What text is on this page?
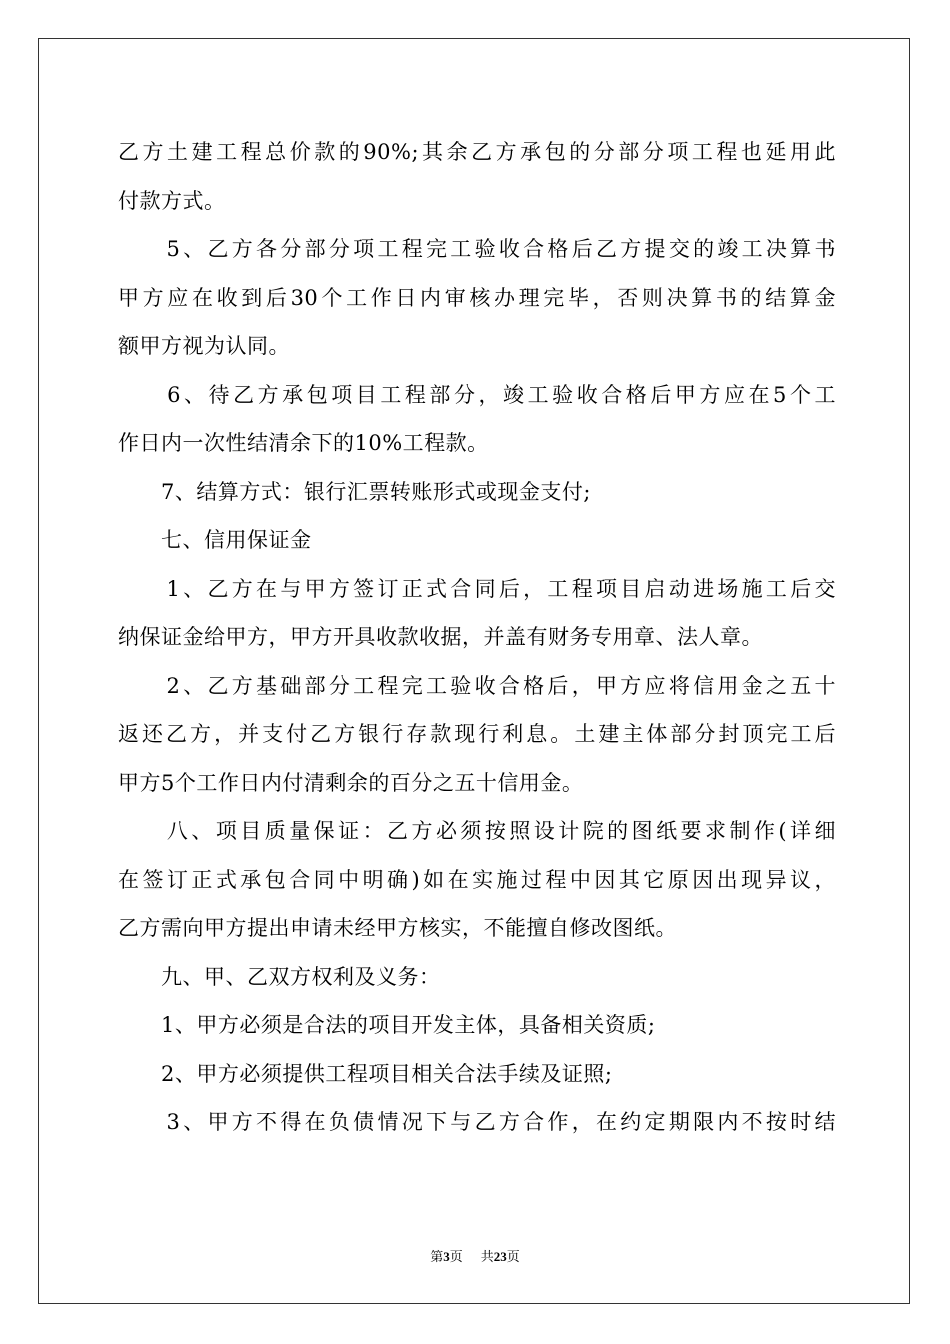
乙方土建工程总价款的90%;其余乙方承包的分部分项工程也延用此
付款方式。
　　5、乙方各分部分项工程完工验收合格后乙方提交的竣工决算书
甲方应在收到后30个工作日内审核办理完毕，否则决算书的结算金
额甲方视为认同。
　　6、待乙方承包项目工程部分，竣工验收合格后甲方应在5个工
作日内一次性结清余下的10%工程款。
　　7、结算方式：银行汇票转账形式或现金支付;
　　七、信用保证金
　　1、乙方在与甲方签订正式合同后，工程项目启动进场施工后交
纳保证金给甲方，甲方开具收款收据，并盖有财务专用章、法人章。
　　2、乙方基础部分工程完工验收合格后，甲方应将信用金之五十
返还乙方，并支付乙方银行存款现行利息。土建主体部分封顶完工后
甲方5个工作日内付清剩余的百分之五十信用金。
　　八、项目质量保证：乙方必须按照设计院的图纸要求制作(详细
在签订正式承包合同中明确)如在实施过程中因其它原因出现异议，
乙方需向甲方提出申请未经甲方核实，不能擅自修改图纸。
　　九、甲、乙双方权利及义务：
　　1、甲方必须是合法的项目开发主体，具备相关资质;
　　2、甲方必须提供工程项目相关合法手续及证照;
　　3、甲方不得在负债情况下与乙方合作，在约定期限内不按时结
第3页 共23页
